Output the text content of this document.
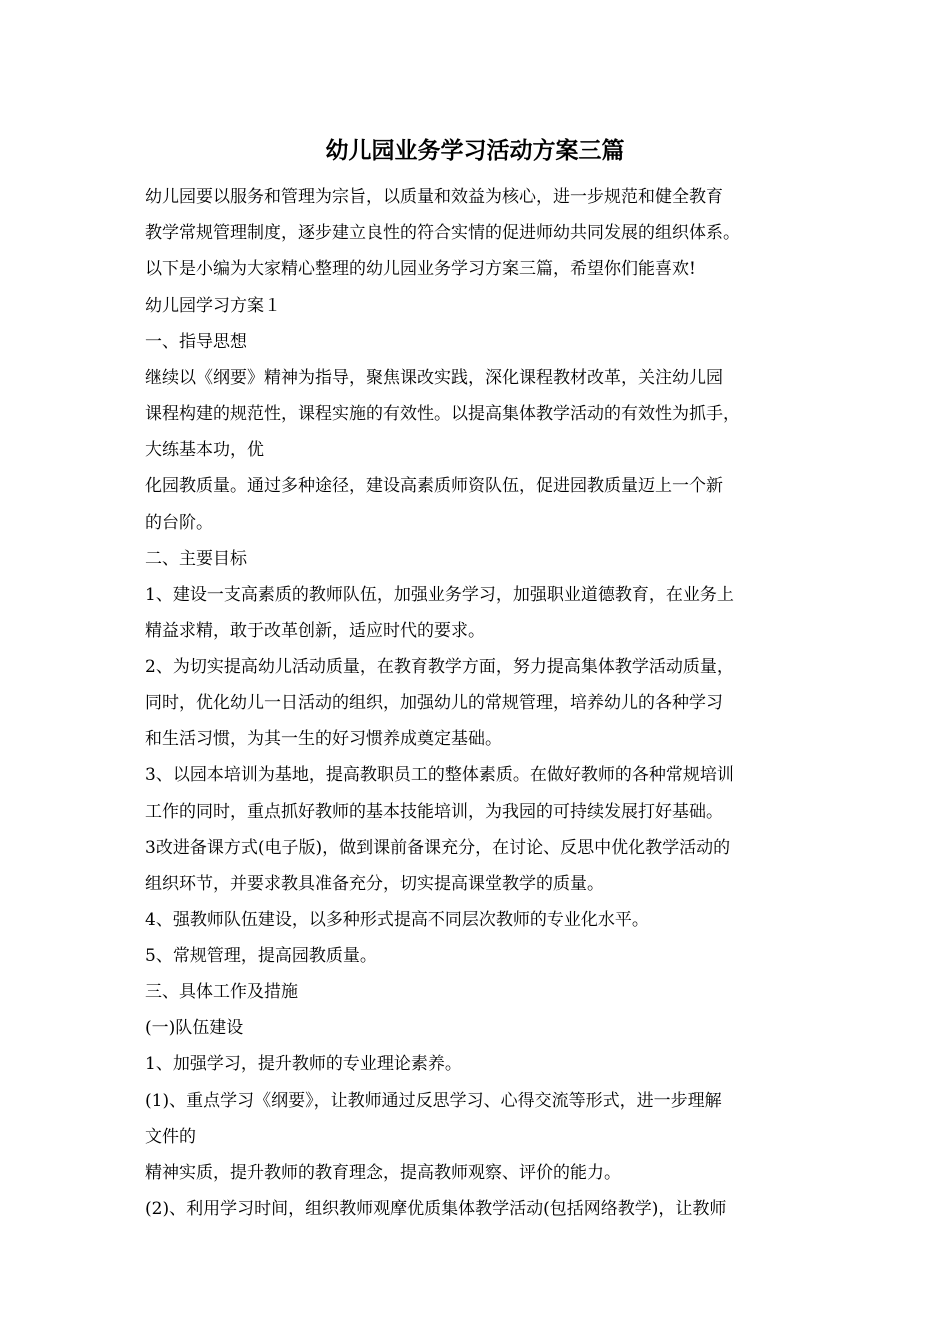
幼儿园业务学习活动方案三篇
幼儿园要以服务和管理为宗旨，以质量和效益为核心，进一步规范和健全教育
教学常规管理制度，逐步建立良性的符合实情的促进师幼共同发展的组织体系。
以下是小编为大家精心整理的幼儿园业务学习方案三篇，希望你们能喜欢!
幼儿园学习方案１
一、指导思想
继续以《纲要》精神为指导，聚焦课改实践，深化课程教材改革，关注幼儿园
课程构建的规范性，课程实施的有效性。以提高集体教学活动的有效性为抓手，
大练基本功，优
化园教质量。通过多种途径，建设高素质师资队伍，促进园教质量迈上一个新
的台阶。
二、主要目标
1、建设一支高素质的教师队伍，加强业务学习，加强职业道德教育，在业务上
精益求精，敢于改革创新，适应时代的要求。
2、为切实提高幼儿活动质量，在教育教学方面，努力提高集体教学活动质量，
同时，优化幼儿一日活动的组织，加强幼儿的常规管理，培养幼儿的各种学习
和生活习惯，为其一生的好习惯养成奠定基础。
3、以园本培训为基地，提高教职员工的整体素质。在做好教师的各种常规培训
工作的同时，重点抓好教师的基本技能培训，为我园的可持续发展打好基础。
3改进备课方式(电子版)，做到课前备课充分，在讨论、反思中优化教学活动的
组织环节，并要求教具准备充分，切实提高课堂教学的质量。
4、强教师队伍建设，以多种形式提高不同层次教师的专业化水平。
5、常规管理，提高园教质量。
三、具体工作及措施
(一)队伍建设
1、加强学习，提升教师的专业理论素养。
(1)、重点学习《纲要》，让教师通过反思学习、心得交流等形式，进一步理解
文件的
精神实质，提升教师的教育理念，提高教师观察、评价的能力。
(2)、利用学习时间，组织教师观摩优质集体教学活动(包括网络教学)，让教师
